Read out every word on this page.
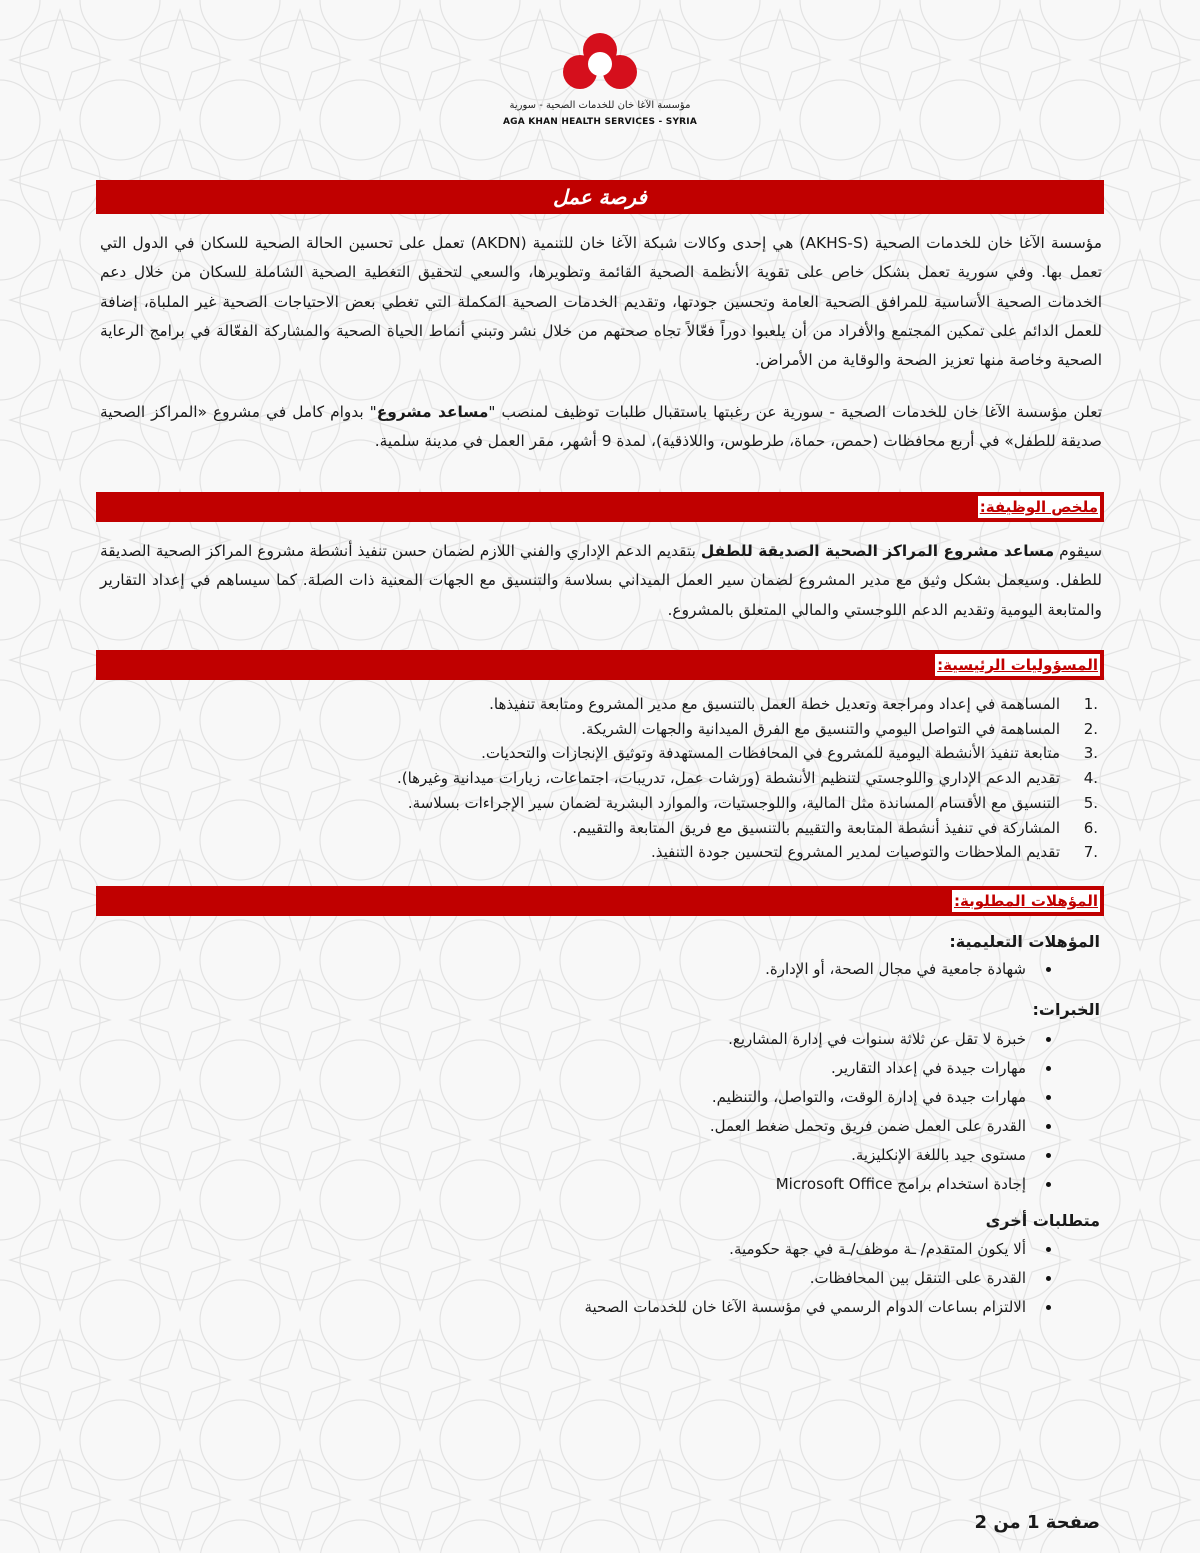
مؤسسة الآغا خان للخدمات الصحية - سورية
AGA KHAN HEALTH SERVICES - SYRIA
فرصة عمل

مؤسسة الآغا خان للخدمات الصحية (AKHS-S) هي إحدى وكالات شبكة الآغا خان للتنمية (AKDN) تعمل على تحسين الحالة الصحية للسكان في الدول التي تعمل بها. وفي سورية تعمل بشكل خاص على تقوية الأنظمة الصحية القائمة وتطويرها، والسعي لتحقيق التغطية الصحية الشاملة للسكان من خلال دعم الخدمات الصحية الأساسية للمرافق الصحية العامة وتحسين جودتها، وتقديم الخدمات الصحية المكملة التي تغطي بعض الاحتياجات الصحية غير الملباة، إضافة للعمل الدائم على تمكين المجتمع والأفراد من أن يلعبوا دوراً فعّالاً تجاه صحتهم من خلال نشر وتبني أنماط الحياة الصحية والمشاركة الفعّالة في برامج الرعاية الصحية وخاصة منها تعزيز الصحة والوقاية من الأمراض.

تعلن مؤسسة الآغا خان للخدمات الصحية - سورية عن رغبتها باستقبال طلبات توظيف لمنصب "مساعد مشروع" بدوام كامل في مشروع «المراكز الصحية صديقة للطفل» في أربع محافظات (حمص، حماة، طرطوس، واللاذقية)، لمدة 9 أشهر، مقر العمل في مدينة سلمية.

ملخص الوظيفة:

سيقوم مساعد مشروع المراكز الصحية الصديقة للطفل بتقديم الدعم الإداري والفني اللازم لضمان حسن تنفيذ أنشطة مشروع المراكز الصحية الصديقة للطفل. وسيعمل بشكل وثيق مع مدير المشروع لضمان سير العمل الميداني بسلاسة والتنسيق مع الجهات المعنية ذات الصلة. كما سيساهم في إعداد التقارير والمتابعة اليومية وتقديم الدعم اللوجستي والمالي المتعلق بالمشروع.

المسؤوليات الرئيسية:
1.
المساهمة في إعداد ومراجعة وتعديل خطة العمل بالتنسيق مع مدير المشروع ومتابعة تنفيذها.
2.
المساهمة في التواصل اليومي والتنسيق مع الفرق الميدانية والجهات الشريكة.
3.
متابعة تنفيذ الأنشطة اليومية للمشروع في المحافظات المستهدفة وتوثيق الإنجازات والتحديات.
4.
تقديم الدعم الإداري واللوجستي لتنظيم الأنشطة (ورشات عمل، تدريبات، اجتماعات، زيارات ميدانية وغيرها).
5.
التنسيق مع الأقسام المساندة مثل المالية، واللوجستيات، والموارد البشرية لضمان سير الإجراءات بسلاسة.
6.
المشاركة في تنفيذ أنشطة المتابعة والتقييم بالتنسيق مع فريق المتابعة والتقييم.
7.
تقديم الملاحظات والتوصيات لمدير المشروع لتحسين جودة التنفيذ.
المؤهلات المطلوبة:
المؤهلات التعليمية:
شهادة جامعية في مجال الصحة، أو الإدارة.
الخبرات:
خبرة لا تقل عن ثلاثة سنوات في إدارة المشاريع.
مهارات جيدة في إعداد التقارير.
مهارات جيدة في إدارة الوقت، والتواصل، والتنظيم.
القدرة على العمل ضمن فريق وتحمل ضغط العمل.
مستوى جيد باللغة الإنكليزية.
إجادة استخدام برامج Microsoft Office
متطلبات أخرى
ألا يكون المتقدم/ ـة موظف/ـة في جهة حكومية.
القدرة على التنقل بين المحافظات.
الالتزام بساعات الدوام الرسمي في مؤسسة الآغا خان للخدمات الصحية
صفحة 1 من 2
